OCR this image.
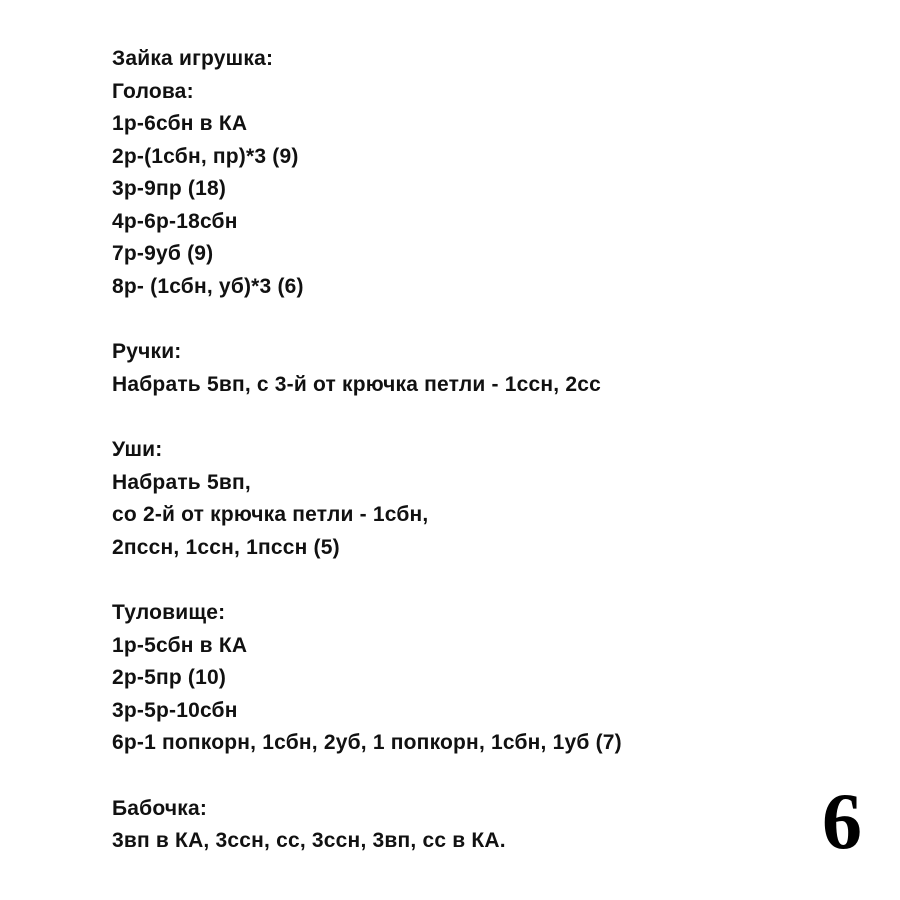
Зайка игрушка:
Голова:
1р-6сбн в КА
2р-(1сбн, пр)*3 (9)
3р-9пр (18)
4р-6р-18сбн
7р-9уб (9)
8р- (1сбн, уб)*3 (6)
Ручки:
Набрать 5вп, с 3-й от крючка петли - 1ссн, 2сс
Уши:
Набрать 5вп,
со 2-й от крючка петли - 1сбн,
2пссн, 1ссн, 1пссн (5)
Туловище:
1р-5сбн в КА
2р-5пр (10)
3р-5р-10сбн
6р-1 попкорн, 1сбн, 2уб, 1 попкорн, 1сбн, 1уб (7)
Бабочка:
3вп в КА, 3ссн, сс, 3ссн, 3вп, сс в КА.	6
